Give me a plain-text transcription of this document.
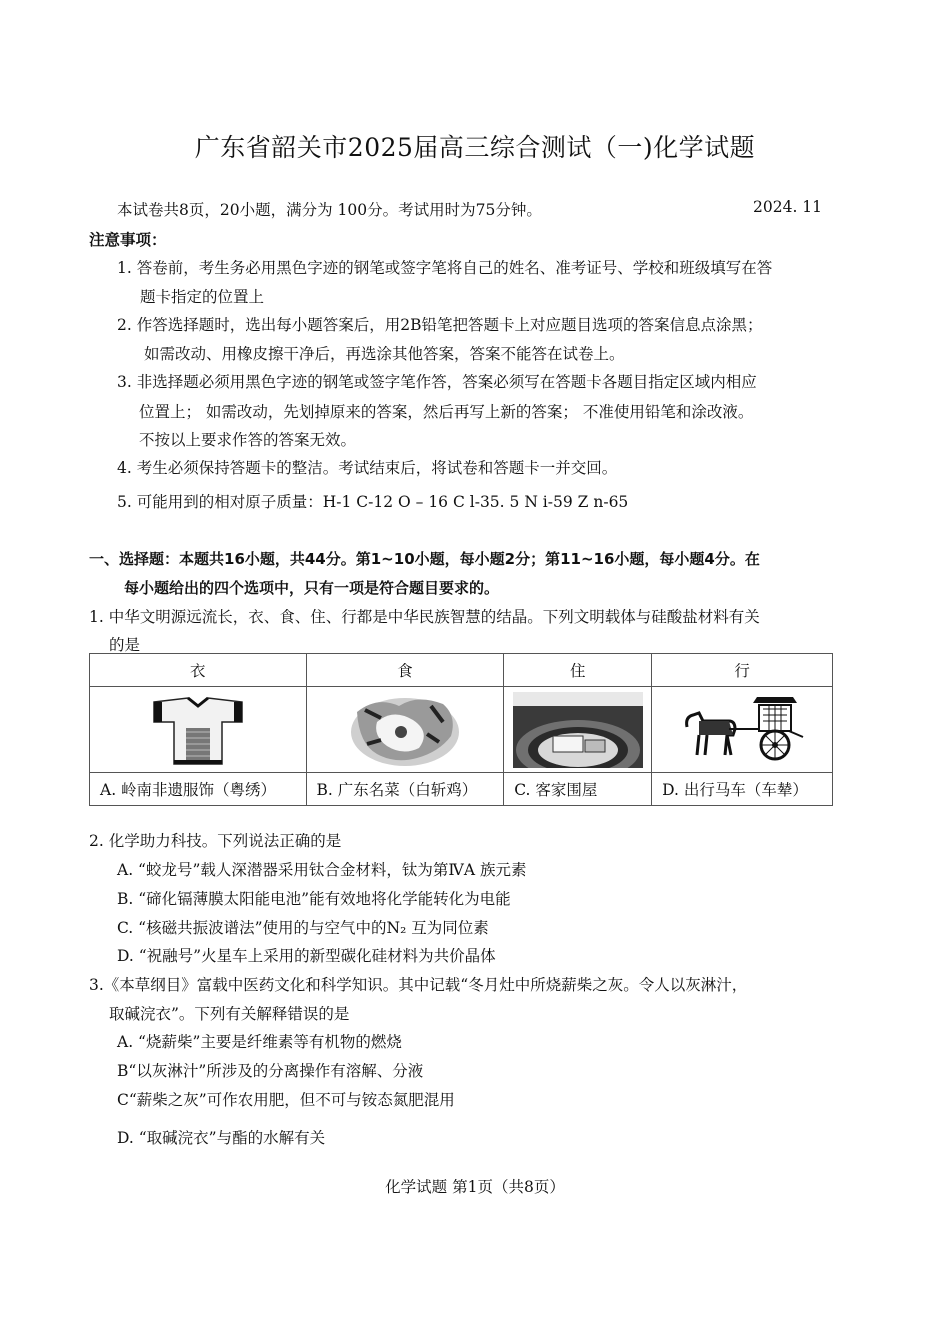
广东省韶关市2025届高三综合测试（一)化学试题
本试卷共8页，20小题，满分为 100分。考试用时为75分钟。	2024. 11
注意事项：
1. 答卷前，考生务必用黑色字迹的钢笔或签字笔将自己的姓名、准考证号、学校和班级填写在答
题卡指定的位置上
2. 作答选择题时，选出每小题答案后，用2B铅笔把答题卡上对应题目选项的答案信息点涂黑；
如需改动、用橡皮擦干净后，再选涂其他答案，答案不能答在试卷上。
3. 非选择题必须用黑色字迹的钢笔或签字笔作答，答案必须写在答题卡各题目指定区域内相应
位置上； 如需改动，先划掉原来的答案，然后再写上新的答案； 不准使用铅笔和涂改液。
不按以上要求作答的答案无效。
4. 考生必须保持答题卡的整洁。考试结束后，将试卷和答题卡一并交回。
5. 可能用到的相对原子质量：H-1 C-12 O – 16 C l-35. 5 N i-59 Z n-65
一、选择题：本题共16小题，共44分。第1~10小题，每小题2分；第11~16小题，每小题4分。在
每小题给出的四个选项中，只有一项是符合题目要求的。
1. 中华文明源远流长，衣、食、住、行都是中华民族智慧的结晶。下列文明载体与硅酸盐材料有关
的是
衣	食	住	行

A. 岭南非遗服饰（粤绣）	B. 广东名菜（白斩鸡）	C. 客家围屋	D. 出行马车（车辇）
2. 化学助力科技。下列说法正确的是
A. “蛟龙号”载人深潜器采用钛合金材料，钛为第ⅣA 族元素
B. “碲化镉薄膜太阳能电池”能有效地将化学能转化为电能
C. “核磁共振波谱法”使用的与空气中的N₂ 互为同位素
D. “祝融号”火星车上采用的新型碳化硅材料为共价晶体
3.《本草纲目》富载中医药文化和科学知识。其中记载“冬月灶中所烧薪柴之灰。令人以灰淋汁，
取碱浣衣”。下列有关解释错误的是
A. “烧薪柴”主要是纤维素等有机物的燃烧
B“以灰淋汁”所涉及的分离操作有溶解、分液
C“薪柴之灰”可作农用肥，但不可与铵态氮肥混用
D. “取碱浣衣”与酯的水解有关
化学试题 第1页（共8页）
